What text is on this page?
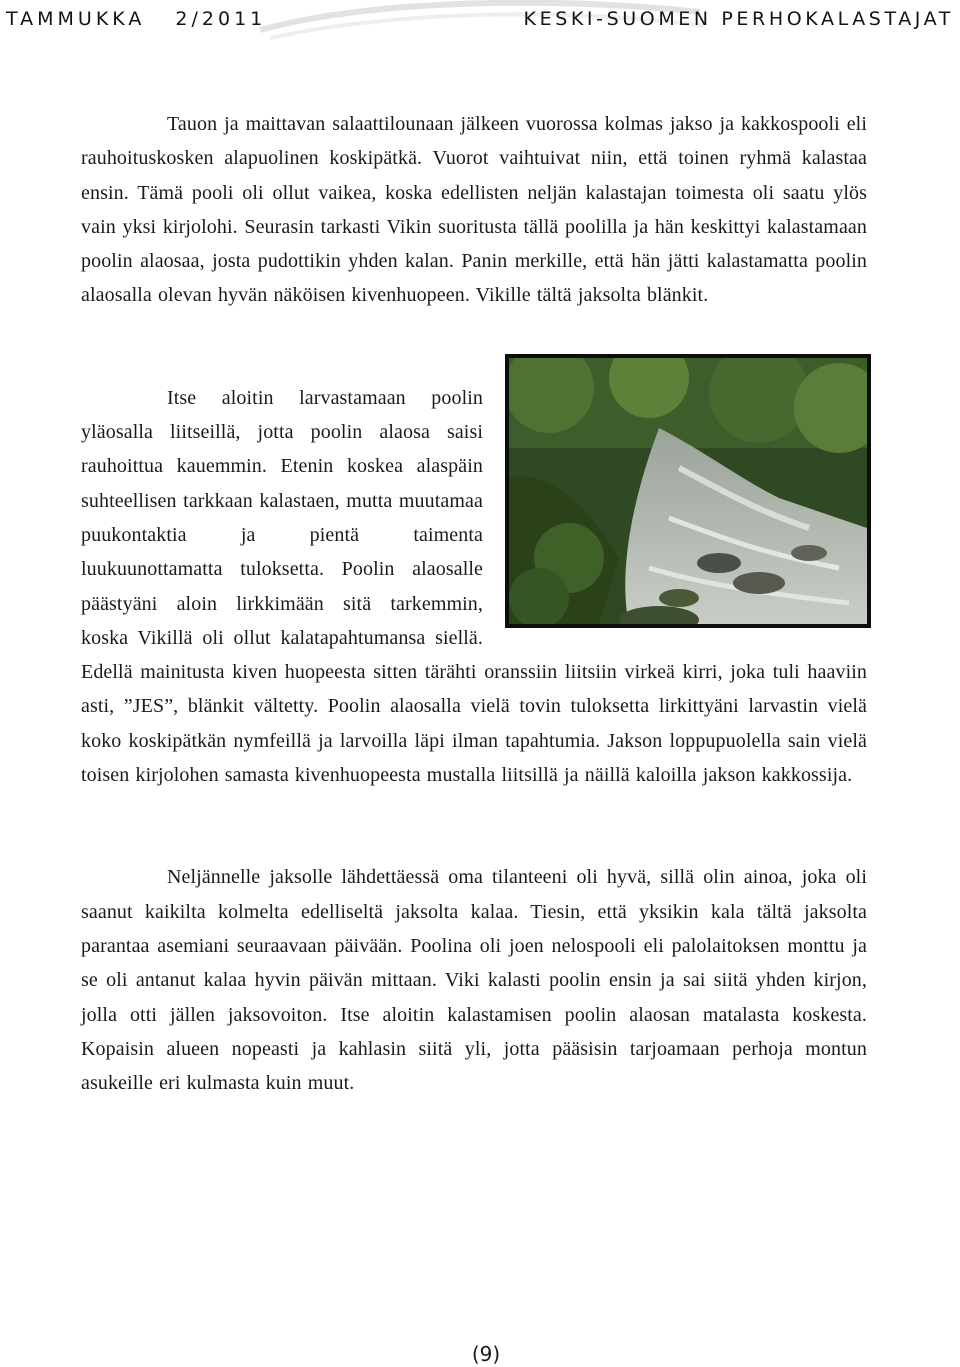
TAMMUKKA 2/2011	KESKI-SUOMEN PERHOKALASTAJAT

Tauon ja maittavan salaattilounaan jälkeen vuorossa kolmas jakso ja kakkospooli eli rauhoituskosken alapuolinen koskipätkä. Vuorot vaihtuivat niin, että toinen ryhmä kalastaa ensin. Tämä pooli oli ollut vaikea, koska edellisten neljän kalastajan toimesta oli saatu ylös vain yksi kirjolohi. Seurasin tarkasti Vikin suoritusta tällä poolilla ja hän keskittyi kalastamaan poolin alaosaa, josta pudottikin yhden kalan. Panin merkille, että hän jätti kalastamatta poolin alaosalla olevan hyvän näköisen kivenhuopeen. Vikille tältä jaksolta blänkit.

Itse aloitin larvastamaan poolin yläosalla liitseillä, jotta poolin alaosa saisi rauhoittua kauemmin. Etenin koskea alaspäin suhteellisen tarkkaan kalastaen, mutta muutamaa puukontaktia ja pientä taimenta luukuunottamatta tuloksetta. Poolin alaosalle päästyäni aloin lirkkimään sitä tarkemmin, koska Vikillä oli ollut kalatapahtumansa siellä. Edellä mainitusta kiven huopeesta sitten tärähti oranssiin liitsiin virkeä kirri, joka tuli haaviin asti, ”JES”, blänkit vältetty. Poolin alaosalla vielä tovin tuloksetta lirkittyäni larvastin vielä koko koskipätkän nymfeillä ja larvoilla läpi ilman tapahtumia. Jakson loppupuolella sain vielä toisen kirjolohen samasta kivenhuopeesta mustalla liitsillä ja näillä kaloilla jakson kakkossija.

Neljännelle jaksolle lähdettäessä oma tilanteeni oli hyvä, sillä olin ainoa, joka oli saanut kaikilta kolmelta edelliseltä jaksolta kalaa. Tiesin, että yksikin kala tältä jaksolta parantaa asemiani seuraavaan päivään. Poolina oli joen nelospooli eli palolaitoksen monttu ja se oli antanut kalaa hyvin päivän mittaan. Viki kalasti poolin ensin ja sai siitä yhden kirjon, jolla otti jällen jaksovoiton. Itse aloitin kalastamisen poolin alaosan matalasta koskesta. Kopaisin alueen nopeasti ja kahlasin siitä yli, jotta pääsisin tarjoamaan perhoja montun asukeille eri kulmasta kuin muut.

(9)
